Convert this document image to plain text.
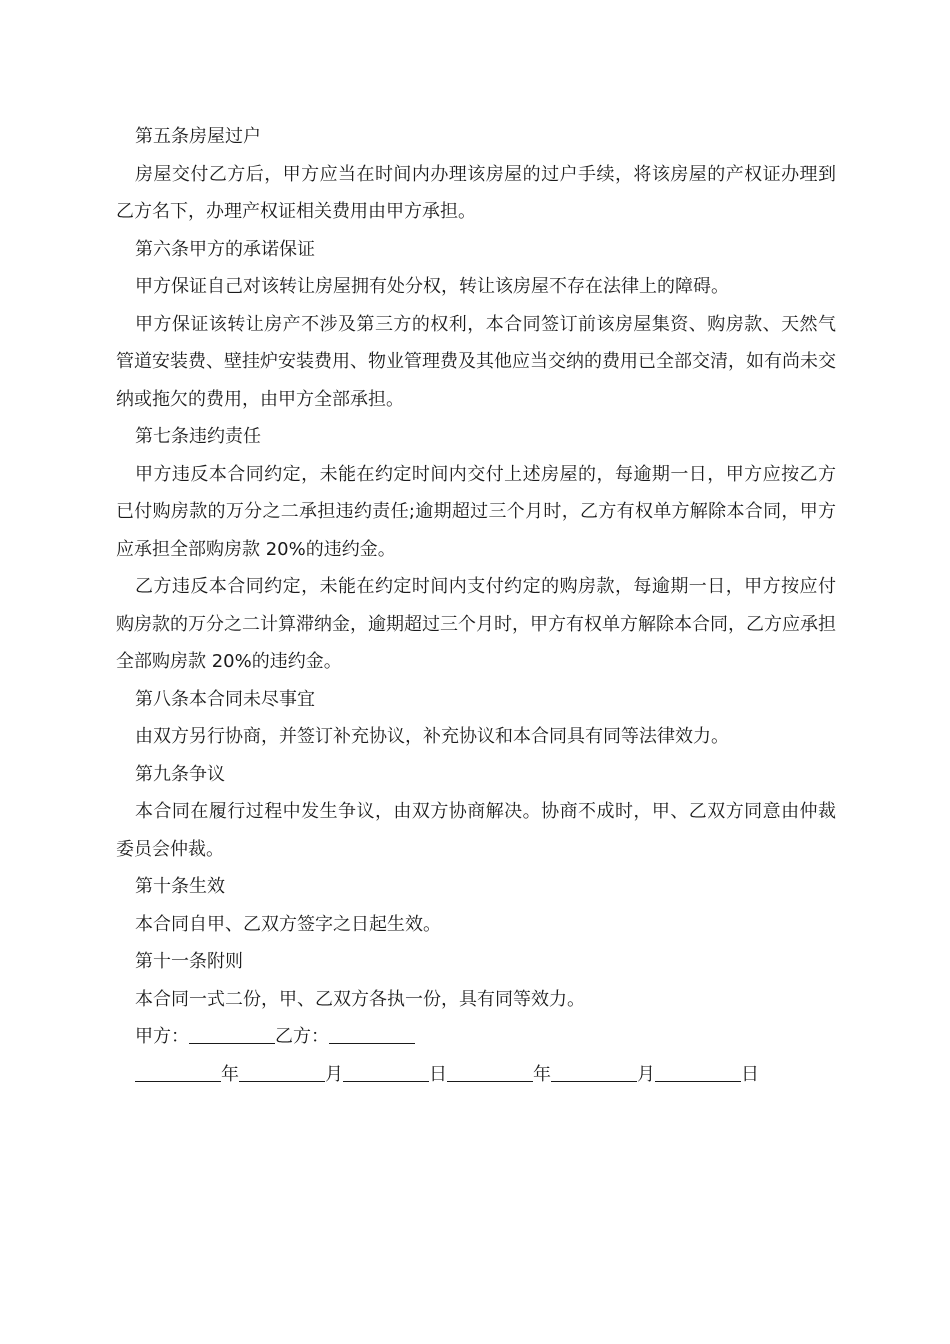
第五条房屋过户

房屋交付乙方后，甲方应当在时间内办理该房屋的过户手续，将该房屋的产权证办理到乙方名下，办理产权证相关费用由甲方承担。

第六条甲方的承诺保证

甲方保证自己对该转让房屋拥有处分权，转让该房屋不存在法律上的障碍。

甲方保证该转让房产不涉及第三方的权利，本合同签订前该房屋集资、购房款、天然气管道安装费、壁挂炉安装费用、物业管理费及其他应当交纳的费用已全部交清，如有尚未交纳或拖欠的费用，由甲方全部承担。

第七条违约责任

甲方违反本合同约定，未能在约定时间内交付上述房屋的，每逾期一日，甲方应按乙方已付购房款的万分之二承担违约责任;逾期超过三个月时，乙方有权单方解除本合同，甲方应承担全部购房款 20%的违约金。

乙方违反本合同约定，未能在约定时间内支付约定的购房款，每逾期一日，甲方按应付购房款的万分之二计算滞纳金，逾期超过三个月时，甲方有权单方解除本合同，乙方应承担全部购房款 20%的违约金。

第八条本合同未尽事宜

由双方另行协商，并签订补充协议，补充协议和本合同具有同等法律效力。

第九条争议

本合同在履行过程中发生争议，由双方协商解决。协商不成时，甲、乙双方同意由仲裁委员会仲裁。

第十条生效

本合同自甲、乙双方签字之日起生效。

第十一条附则

本合同一式二份，甲、乙双方各执一份，具有同等效力。

甲方：	乙方：
年	月	日	年	月	日
